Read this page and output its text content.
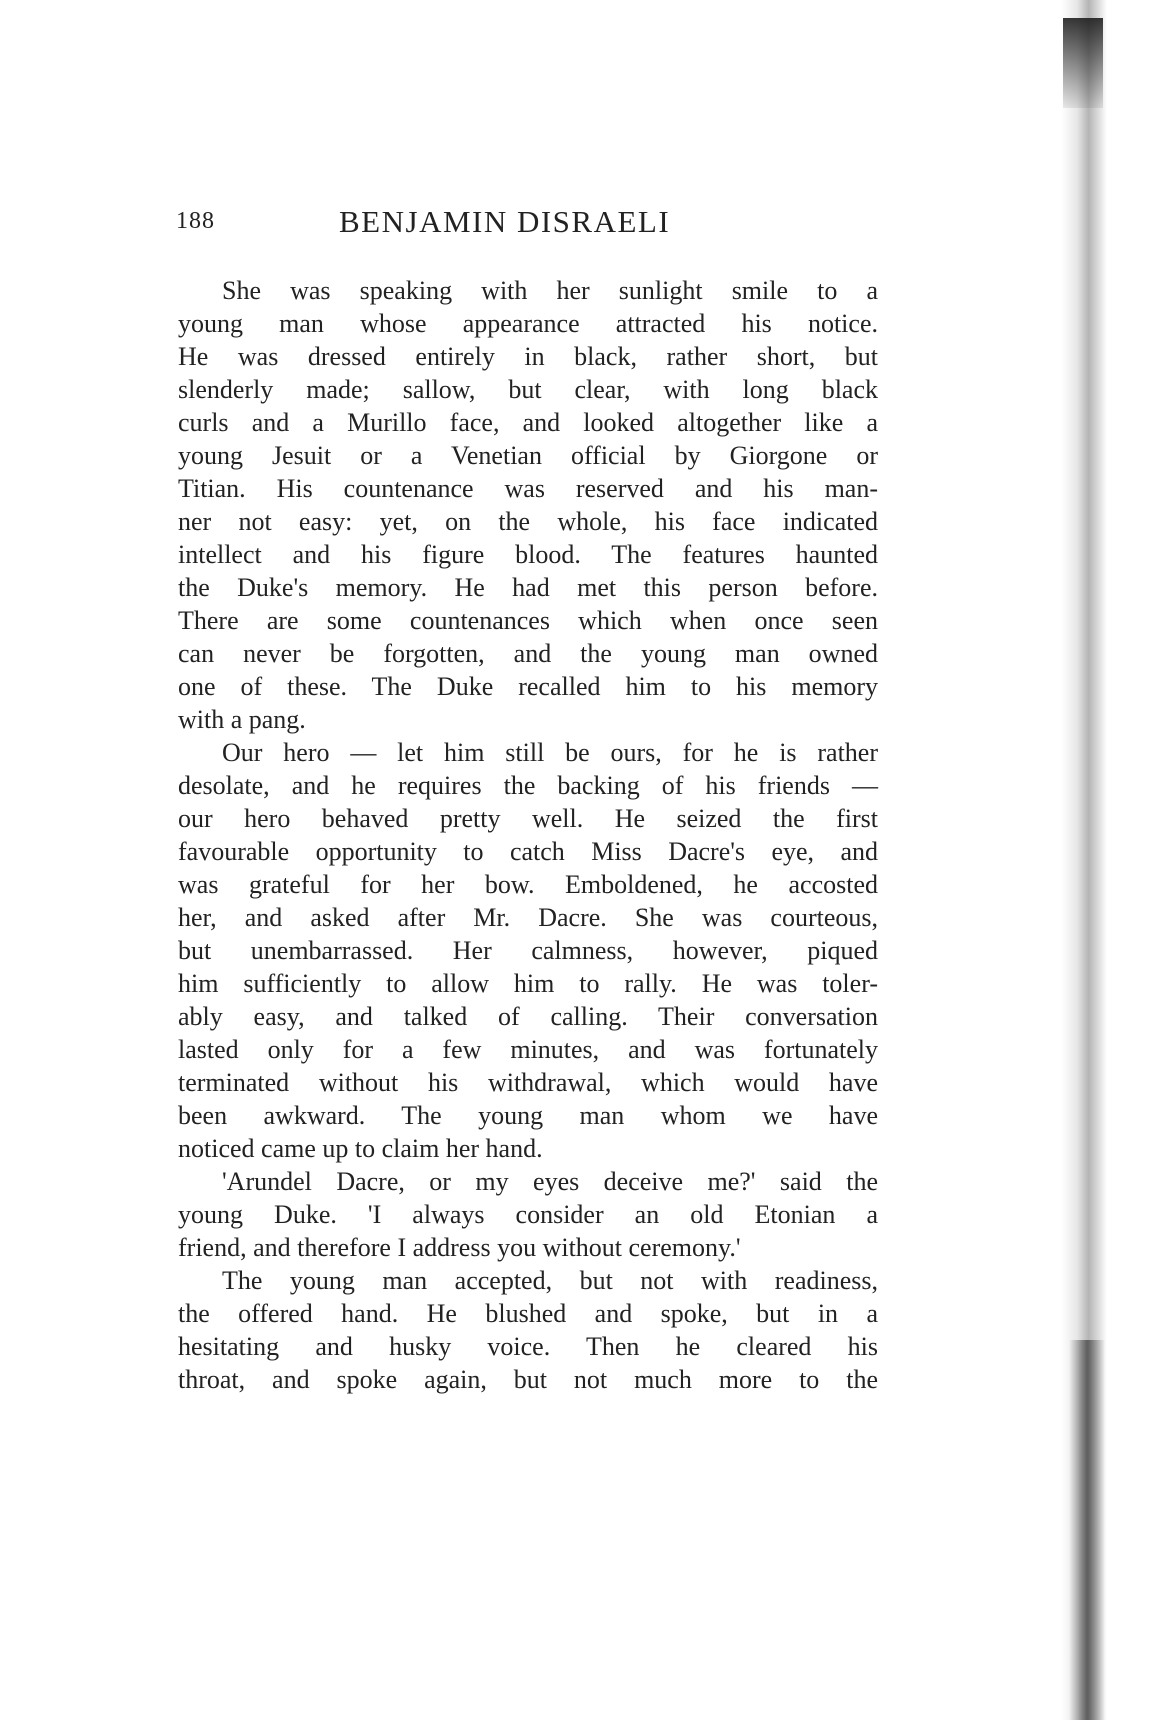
188	BENJAMIN DISRAELI
She was speaking with her sunlight smile to a
young man whose appearance attracted his notice.
He was dressed entirely in black, rather short, but
slenderly made; sallow, but clear, with long black
curls and a Murillo face, and looked altogether like a
young Jesuit or a Venetian official by Giorgone or
Titian. His countenance was reserved and his man-
ner not easy: yet, on the whole, his face indicated
intellect and his figure blood. The features haunted
the Duke's memory. He had met this person before.
There are some countenances which when once seen
can never be forgotten, and the young man owned
one of these. The Duke recalled him to his memory
with a pang.
Our hero — let him still be ours, for he is rather
desolate, and he requires the backing of his friends —
our hero behaved pretty well. He seized the first
favourable opportunity to catch Miss Dacre's eye, and
was grateful for her bow. Emboldened, he accosted
her, and asked after Mr. Dacre. She was courteous,
but unembarrassed. Her calmness, however, piqued
him sufficiently to allow him to rally. He was toler-
ably easy, and talked of calling. Their conversation
lasted only for a few minutes, and was fortunately
terminated without his withdrawal, which would have
been awkward. The young man whom we have
noticed came up to claim her hand.
'Arundel Dacre, or my eyes deceive me?' said the
young Duke. 'I always consider an old Etonian a
friend, and therefore I address you without ceremony.'
The young man accepted, but not with readiness,
the offered hand. He blushed and spoke, but in a
hesitating and husky voice. Then he cleared his
throat, and spoke again, but not much more to the
